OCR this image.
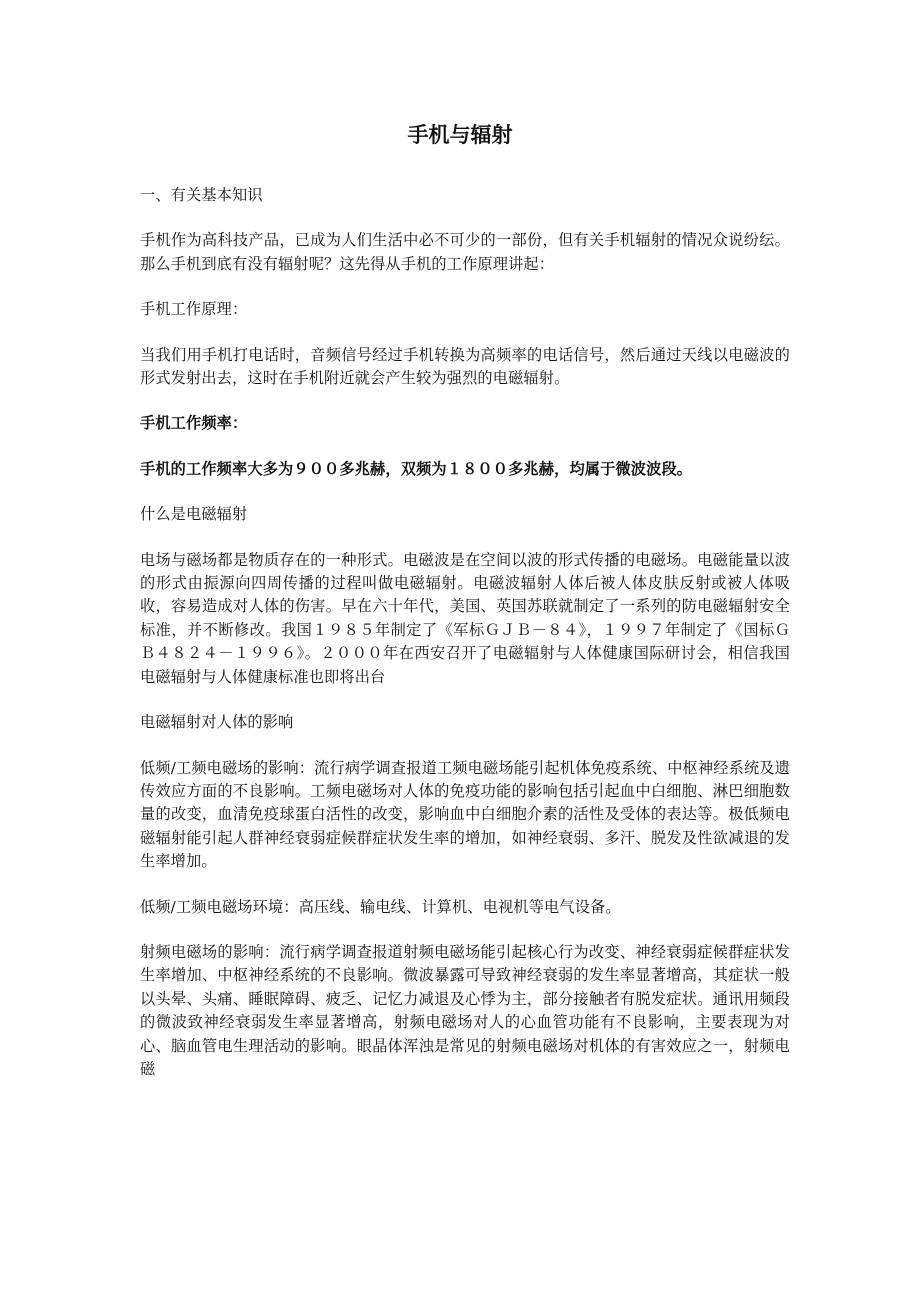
手机与辐射

一、有关基本知识

手机作为高科技产品，已成为人们生活中必不可少的一部份，但有关手机辐射的情况众说纷纭。那么手机到底有没有辐射呢？这先得从手机的工作原理讲起：

手机工作原理：

当我们用手机打电话时，音频信号经过手机转换为高频率的电话信号，然后通过天线以电磁波的形式发射出去，这时在手机附近就会产生较为强烈的电磁辐射。

手机工作频率：

手机的工作频率大多为９００多兆赫，双频为１８００多兆赫，均属于微波波段。

什么是电磁辐射

电场与磁场都是物质存在的一种形式。电磁波是在空间以波的形式传播的电磁场。电磁能量以波的形式由振源向四周传播的过程叫做电磁辐射。电磁波辐射人体后被人体皮肤反射或被人体吸收，容易造成对人体的伤害。早在六十年代，美国、英国苏联就制定了一系列的防电磁辐射安全标准，并不断修改。我国１９８５年制定了《军标ＧＪＢ－８４》，１９９７年制定了《国标ＧＢ４８２４－１９９６》。２０００年在西安召开了电磁辐射与人体健康国际研讨会，相信我国电磁辐射与人体健康标准也即将出台

电磁辐射对人体的影响

低频/工频电磁场的影响：流行病学调查报道工频电磁场能引起机体免疫系统、中枢神经系统及遗传效应方面的不良影响。工频电磁场对人体的免疫功能的影响包括引起血中白细胞、淋巴细胞数量的改变，血清免疫球蛋白活性的改变，影响血中白细胞介素的活性及受体的表达等。极低频电磁辐射能引起人群神经衰弱症候群症状发生率的增加，如神经衰弱、多汗、脱发及性欲减退的发生率增加。

低频/工频电磁场环境：高压线、输电线、计算机、电视机等电气设备。

射频电磁场的影响：流行病学调查报道射频电磁场能引起核心行为改变、神经衰弱症候群症状发生率增加、中枢神经系统的不良影响。微波暴露可导致神经衰弱的发生率显著增高，其症状一般以头晕、头痛、睡眠障碍、疲乏、记忆力减退及心悸为主，部分接触者有脱发症状。通讯用频段的微波致神经衰弱发生率显著增高，射频电磁场对人的心血管功能有不良影响，主要表现为对心、脑血管电生理活动的影响。眼晶体浑浊是常见的射频电磁场对机体的有害效应之一，射频电磁
